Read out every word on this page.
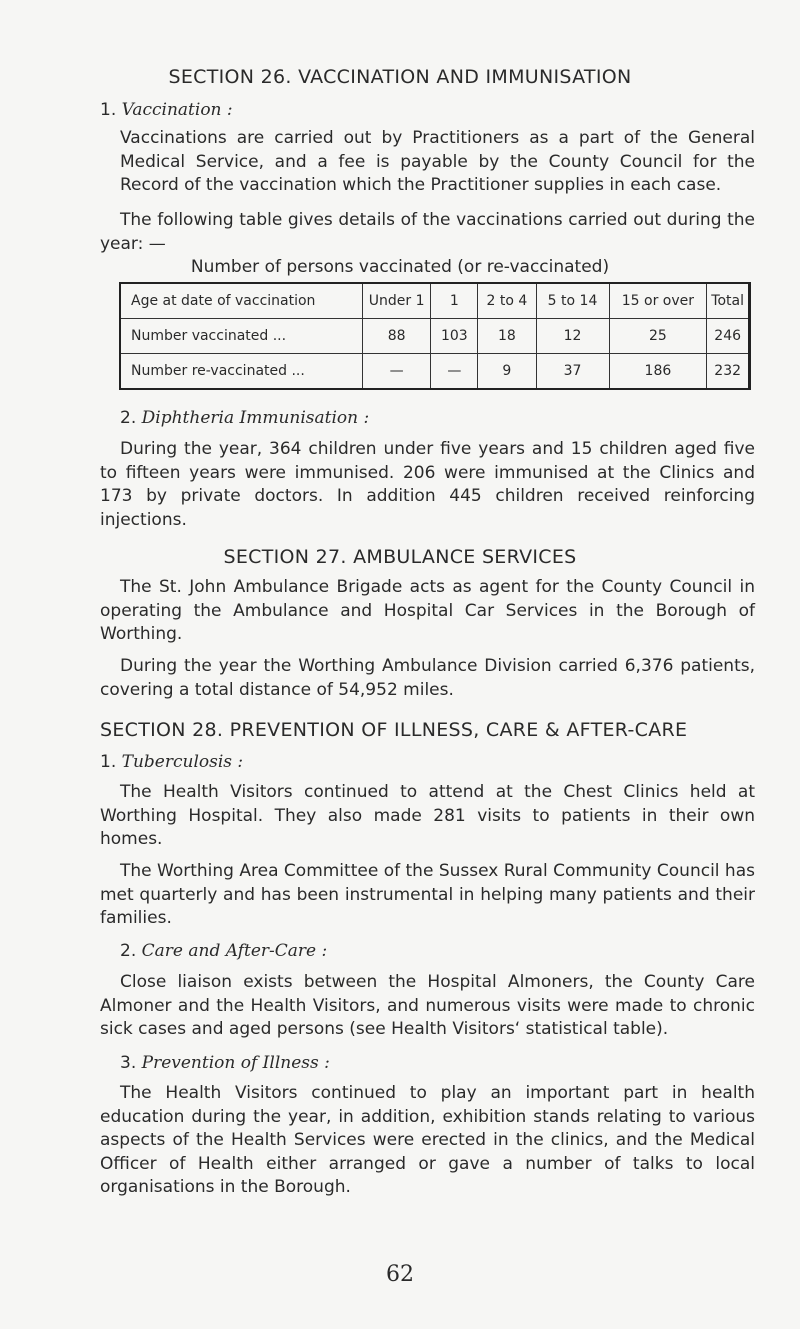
SECTION 26. VACCINATION AND IMMUNISATION
1. Vaccination :
Vaccinations are carried out by Practitioners as a part of the General Medical Service, and a fee is payable by the County Council for the Record of the vaccination which the Practitioner supplies in each case.
The following table gives details of the vaccinations carried out during the year: —
Number of persons vaccinated (or re-vaccinated)
Age at date of vaccination	Under 1	1	2 to 4	5 to 14	15 or over	Total
Number vaccinated ...	88	103	18	12	25	246
Number re-vaccinated ...	—	—	9	37	186	232
2. Diphtheria Immunisation :
During the year, 364 children under five years and 15 children aged five to fifteen years were immunised. 206 were immunised at the Clinics and 173 by private doctors. In addition 445 children received reinforcing injections.
SECTION 27. AMBULANCE SERVICES
The St. John Ambulance Brigade acts as agent for the County Council in operating the Ambulance and Hospital Car Services in the Borough of Worthing.
During the year the Worthing Ambulance Division carried 6,376 patients, covering a total distance of 54,952 miles.
SECTION 28. PREVENTION OF ILLNESS, CARE & AFTER-CARE
1. Tuberculosis :
The Health Visitors continued to attend at the Chest Clinics held at Worthing Hospital. They also made 281 visits to patients in their own homes.
The Worthing Area Committee of the Sussex Rural Community Council has met quarterly and has been instrumental in helping many patients and their families.
2. Care and After-Care :
Close liaison exists between the Hospital Almoners, the County Care Almoner and the Health Visitors, and numerous visits were made to chronic sick cases and aged persons (see Health Visitors‘ statistical table).
3. Prevention of Illness :
The Health Visitors continued to play an important part in health education during the year, in addition, exhibition stands relating to various aspects of the Health Services were erected in the clinics, and the Medical Officer of Health either arranged or gave a number of talks to local organisations in the Borough.
62
